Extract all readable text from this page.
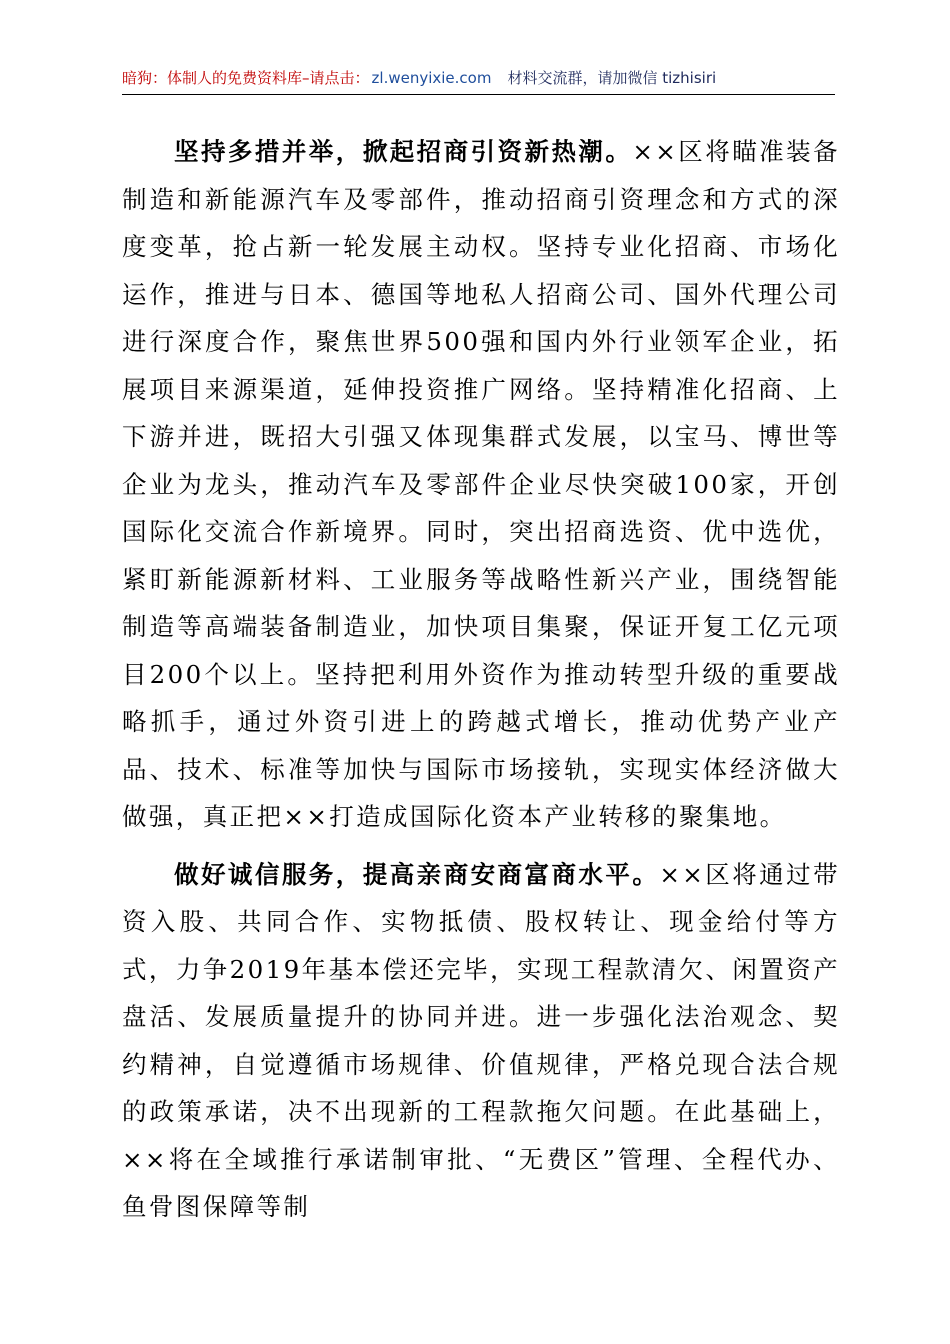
暗狗：体制人的免费资料库–请点击： zl.wenyixie.com 材料交流群，请加微信 tizhisiri

坚持多措并举，掀起招商引资新热潮。××区将瞄准装备制造和新能源汽车及零部件，推动招商引资理念和方式的深度变革，抢占新一轮发展主动权。坚持专业化招商、市场化运作，推进与日本、德国等地私人招商公司、国外代理公司进行深度合作，聚焦世界500强和国内外行业领军企业，拓展项目来源渠道，延伸投资推广网络。坚持精准化招商、上下游并进，既招大引强又体现集群式发展，以宝马、博世等企业为龙头，推动汽车及零部件企业尽快突破100家，开创国际化交流合作新境界。同时，突出招商选资、优中选优，紧盯新能源新材料、工业服务等战略性新兴产业，围绕智能制造等高端装备制造业，加快项目集聚，保证开复工亿元项目200个以上。坚持把利用外资作为推动转型升级的重要战略抓手，通过外资引进上的跨越式增长，推动优势产业产品、技术、标准等加快与国际市场接轨，实现实体经济做大做强，真正把××打造成国际化资本产业转移的聚集地。

做好诚信服务，提高亲商安商富商水平。××区将通过带资入股、共同合作、实物抵债、股权转让、现金给付等方式，力争2019年基本偿还完毕，实现工程款清欠、闲置资产盘活、发展质量提升的协同并进。进一步强化法治观念、契约精神，自觉遵循市场规律、价值规律，严格兑现合法合规的政策承诺，决不出现新的工程款拖欠问题。在此基础上，××将在全域推行承诺制审批、“无费区”管理、全程代办、鱼骨图保障等制
